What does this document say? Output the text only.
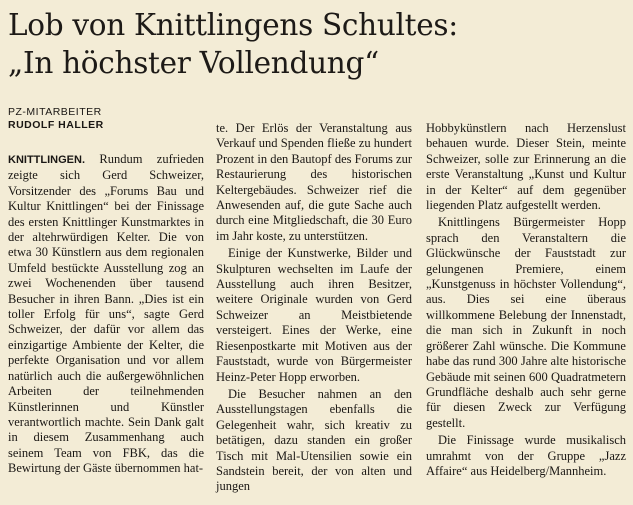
Lob von Knittlingens Schultes:
„In höchster Vollendung“
PZ-MITARBEITER
RUDOLF HALLER

KNITTLINGEN. Rundum zufrieden zeigte sich Gerd Schweizer, Vorsitzender des „Forums Bau und Kultur Knittlingen“ bei der Finissage des ersten Knittlinger Kunstmarktes in der altehrwürdigen Kelter. Die von etwa 30 Künstlern aus dem regionalen Umfeld bestückte Ausstellung zog an zwei Wochenenden über tausend Besucher in ihren Bann. „Dies ist ein toller Erfolg für uns“, sagte Gerd Schweizer, der dafür vor allem das einzigartige Ambiente der Kelter, die perfekte Organisation und vor allem natürlich auch die außergewöhnlichen Arbeiten der teilnehmenden Künstlerinnen und Künstler verantwortlich machte. Sein Dank galt in diesem Zusammenhang auch seinem Team von FBK, das die Bewirtung der Gäste übernommen hat-

te. Der Erlös der Veranstaltung aus Verkauf und Spenden fließe zu hundert Prozent in den Bautopf des Forums zur Restaurierung des historischen Keltergebäudes. Schweizer rief die Anwesenden auf, die gute Sache auch durch eine Mitgliedschaft, die 30 Euro im Jahr koste, zu unterstützen.

Einige der Kunstwerke, Bilder und Skulpturen wechselten im Laufe der Ausstellung auch ihren Besitzer, weitere Originale wurden von Gerd Schweizer an Meistbietende versteigert. Eines der Werke, eine Riesenpostkarte mit Motiven aus der Fauststadt, wurde von Bürgermeister Heinz-Peter Hopp erworben.

Die Besucher nahmen an den Ausstellungstagen ebenfalls die Gelegenheit wahr, sich kreativ zu betätigen, dazu standen ein großer Tisch mit Mal-Utensilien sowie ein Sandstein bereit, der von alten und jungen

Hobbykünstlern nach Herzenslust behauen wurde. Dieser Stein, meinte Schweizer, solle zur Erinnerung an die erste Veranstaltung „Kunst und Kultur in der Kelter“ auf dem gegenüber liegenden Platz aufgestellt werden.

Knittlingens Bürgermeister Hopp sprach den Veranstaltern die Glückwünsche der Fauststadt zur gelungenen Premiere, einem „Kunstgenuss in höchster Vollendung“, aus. Dies sei eine überaus willkommene Belebung der Innenstadt, die man sich in Zukunft in noch größerer Zahl wünsche. Die Kommune habe das rund 300 Jahre alte historische Gebäude mit seinen 600 Quadratmetern Grundfläche deshalb auch sehr gerne für diesen Zweck zur Verfügung gestellt.

Die Finissage wurde musikalisch umrahmt von der Gruppe „Jazz Affaire“ aus Heidelberg/Mannheim.
